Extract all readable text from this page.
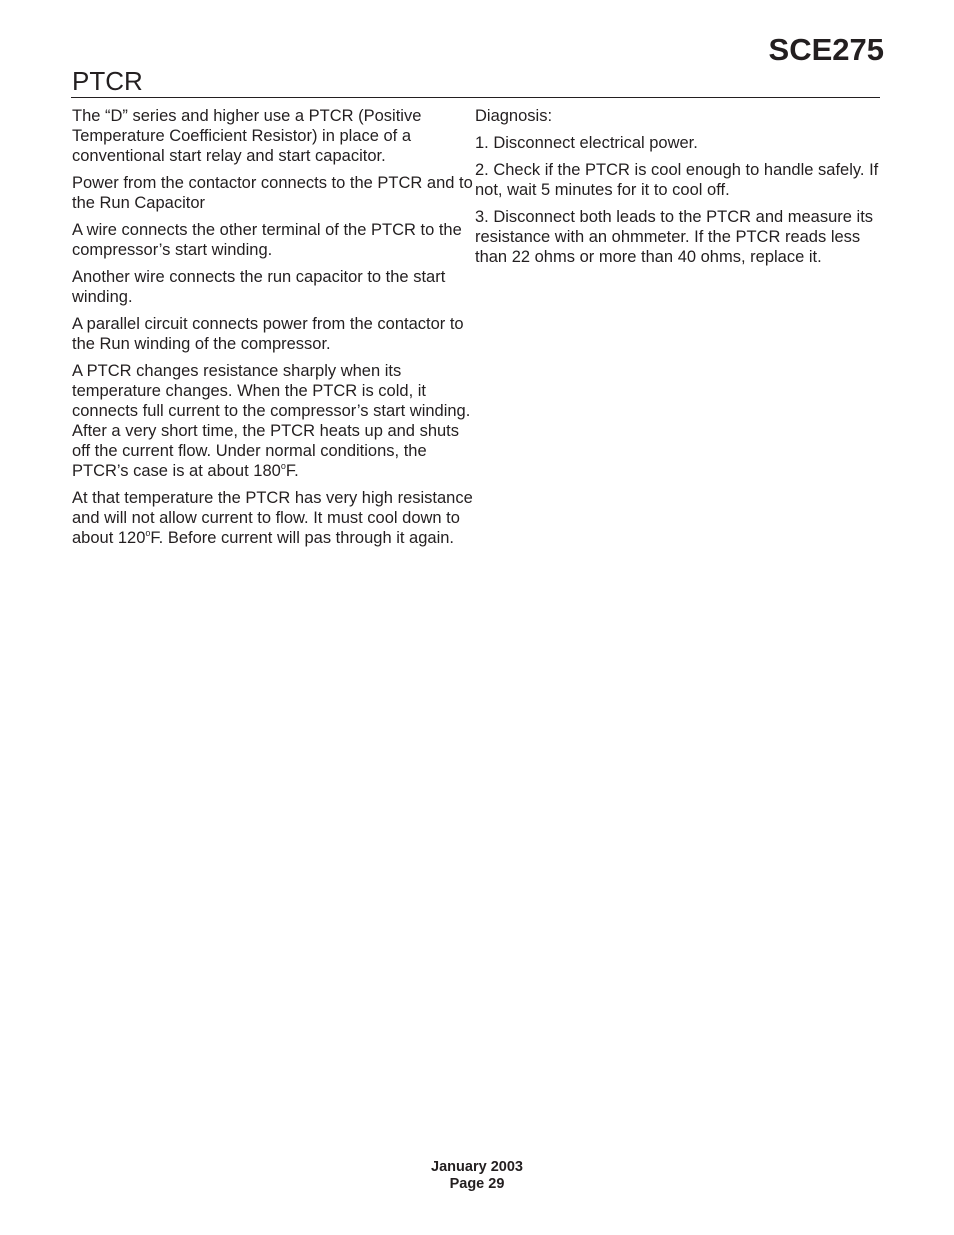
SCE275
PTCR

The “D” series and higher use a PTCR (Positive Temperature Coefficient Resistor) in place of a conventional start relay and start capacitor.

Power from the contactor connects to the PTCR and to the Run Capacitor

A wire connects the other terminal of the PTCR to the compressor’s start winding.

Another wire connects the run capacitor to the start winding.

A parallel circuit connects power from the contactor to the Run winding of the compressor.

A PTCR changes resistance sharply when its temperature changes. When the PTCR is cold, it connects full current to the compressor’s start winding. After a very short time, the PTCR heats up and shuts off the current flow. Under normal conditions, the PTCR’s case is at about 180$^o$F.

At that temperature the PTCR has very high resistance and will not allow current to flow. It must cool down to about 120$^o$F. Before current will pas through it again.

Diagnosis:

1. Disconnect electrical power.

2. Check if the PTCR is cool enough to handle safely. If not, wait 5 minutes for it to cool off.

3. Disconnect both leads to the PTCR and measure its resistance with an ohmmeter. If the PTCR reads less than 22 ohms or more than 40 ohms, replace it.

January 2003
Page 29
